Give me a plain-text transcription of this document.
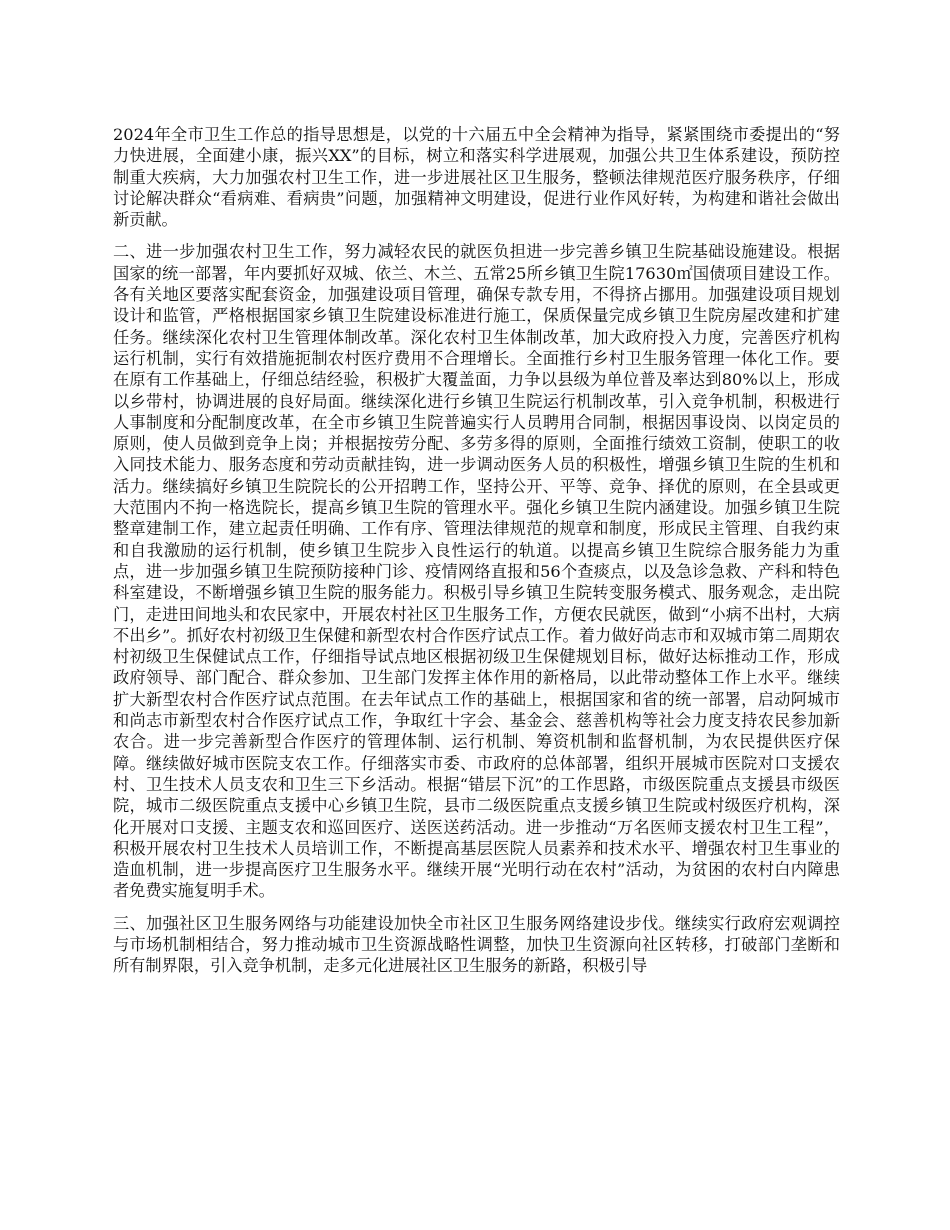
2024年全市卫生工作总的指导思想是，以党的十六届五中全会精神为指导，紧紧围绕市委提出的“努力快进展，全面建小康，振兴XX”的目标，树立和落实科学进展观，加强公共卫生体系建设，预防控制重大疾病，大力加强农村卫生工作，进一步进展社区卫生服务，整顿法律规范医疗服务秩序，仔细讨论解决群众“看病难、看病贵”问题，加强精神文明建设，促进行业作风好转，为构建和谐社会做出新贡献。

二、进一步加强农村卫生工作，努力减轻农民的就医负担进一步完善乡镇卫生院基础设施建设。根据国家的统一部署，年内要抓好双城、依兰、木兰、五常25所乡镇卫生院17630㎡国债项目建设工作。各有关地区要落实配套资金，加强建设项目管理，确保专款专用，不得挤占挪用。加强建设项目规划设计和监管，严格根据国家乡镇卫生院建设标准进行施工，保质保量完成乡镇卫生院房屋改建和扩建任务。继续深化农村卫生管理体制改革。深化农村卫生体制改革，加大政府投入力度，完善医疗机构运行机制，实行有效措施扼制农村医疗费用不合理增长。全面推行乡村卫生服务管理一体化工作。要在原有工作基础上，仔细总结经验，积极扩大覆盖面，力争以县级为单位普及率达到80%以上，形成以乡带村，协调进展的良好局面。继续深化进行乡镇卫生院运行机制改革，引入竞争机制，积极进行人事制度和分配制度改革，在全市乡镇卫生院普遍实行人员聘用合同制，根据因事设岗、以岗定员的原则，使人员做到竞争上岗；并根据按劳分配、多劳多得的原则，全面推行绩效工资制，使职工的收入同技术能力、服务态度和劳动贡献挂钩，进一步调动医务人员的积极性，增强乡镇卫生院的生机和活力。继续搞好乡镇卫生院院长的公开招聘工作，坚持公开、平等、竞争、择优的原则，在全县或更大范围内不拘一格选院长，提高乡镇卫生院的管理水平。强化乡镇卫生院内涵建设。加强乡镇卫生院整章建制工作，建立起责任明确、工作有序、管理法律规范的规章和制度，形成民主管理、自我约束和自我激励的运行机制，使乡镇卫生院步入良性运行的轨道。以提高乡镇卫生院综合服务能力为重点，进一步加强乡镇卫生院预防接种门诊、疫情网络直报和56个查痰点，以及急诊急救、产科和特色科室建设，不断增强乡镇卫生院的服务能力。积极引导乡镇卫生院转变服务模式、服务观念，走出院门，走进田间地头和农民家中，开展农村社区卫生服务工作，方便农民就医，做到“小病不出村，大病不出乡”。抓好农村初级卫生保健和新型农村合作医疗试点工作。着力做好尚志市和双城市第二周期农村初级卫生保健试点工作，仔细指导试点地区根据初级卫生保健规划目标，做好达标推动工作，形成政府领导、部门配合、群众参加、卫生部门发挥主体作用的新格局，以此带动整体工作上水平。继续扩大新型农村合作医疗试点范围。在去年试点工作的基础上，根据国家和省的统一部署，启动阿城市和尚志市新型农村合作医疗试点工作，争取红十字会、基金会、慈善机构等社会力度支持农民参加新农合。进一步完善新型合作医疗的管理体制、运行机制、筹资机制和监督机制，为农民提供医疗保障。继续做好城市医院支农工作。仔细落实市委、市政府的总体部署，组织开展城市医院对口支援农村、卫生技术人员支农和卫生三下乡活动。根据“错层下沉”的工作思路，市级医院重点支援县市级医院，城市二级医院重点支援中心乡镇卫生院，县市二级医院重点支援乡镇卫生院或村级医疗机构，深化开展对口支援、主题支农和巡回医疗、送医送药活动。进一步推动“万名医师支援农村卫生工程”，积极开展农村卫生技术人员培训工作，不断提高基层医院人员素养和技术水平、增强农村卫生事业的造血机制，进一步提高医疗卫生服务水平。继续开展“光明行动在农村”活动，为贫困的农村白内障患者免费实施复明手术。

三、加强社区卫生服务网络与功能建设加快全市社区卫生服务网络建设步伐。继续实行政府宏观调控与市场机制相结合，努力推动城市卫生资源战略性调整，加快卫生资源向社区转移，打破部门垄断和所有制界限，引入竞争机制，走多元化进展社区卫生服务的新路，积极引导
